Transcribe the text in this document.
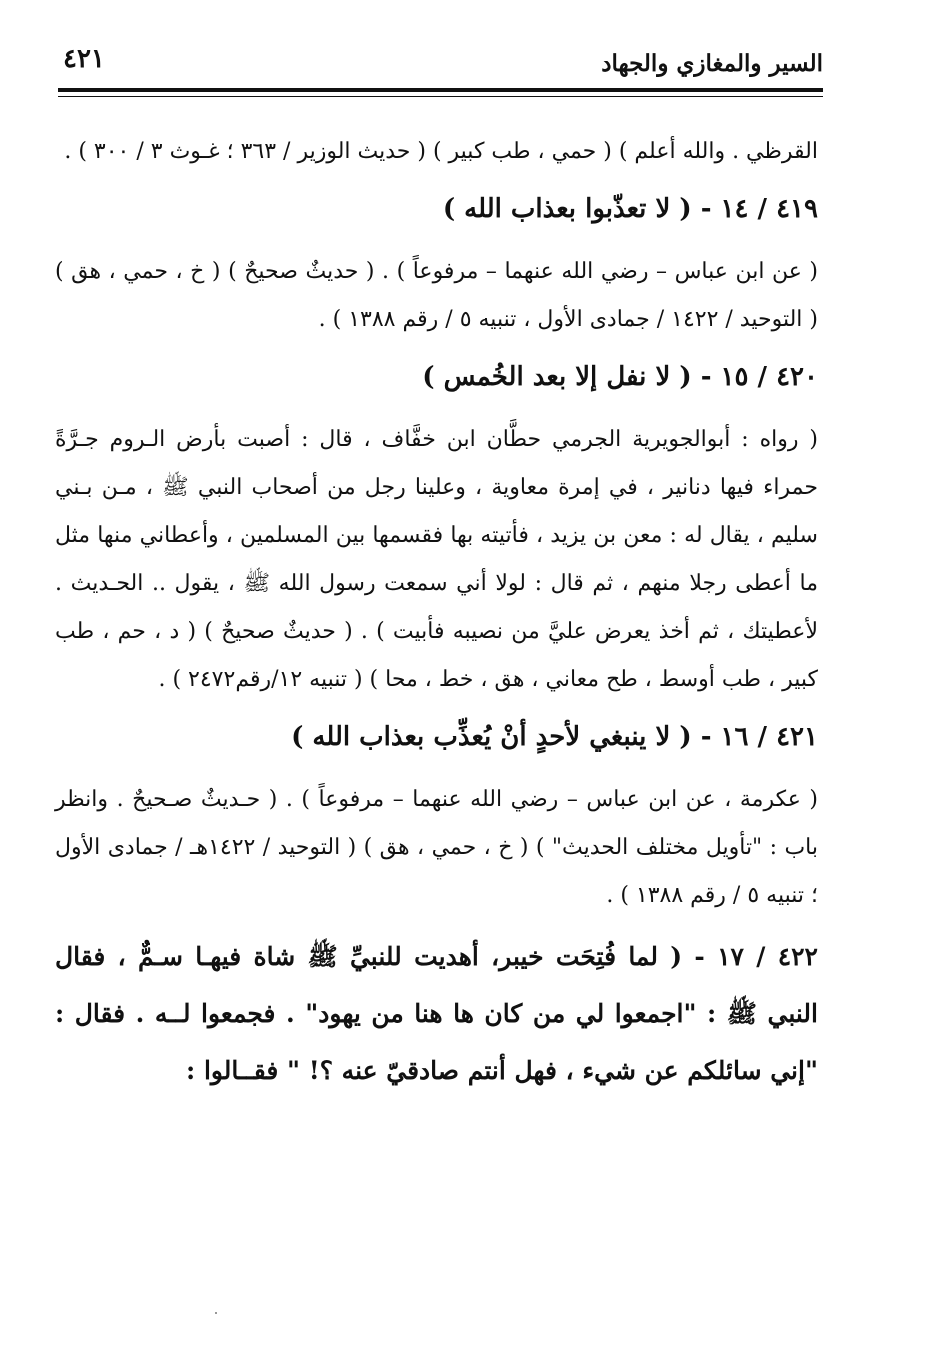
السير والمغازي والجهاد
٤٢١

القرظي . والله أعلم ) ( حمي ، طب كبير ) ( حديث الوزير / ٣٦٣ ؛ غـوث ٣ / ٣٠٠ ) .

٤١٩ / ١٤ - ( لا تعذّبوا بعذاب الله )

( عن ابن عباس – رضي الله عنهما – مرفوعاً ) . ( حديثٌ صحيحٌ ) ( خ ، حمي ، هق ) ( التوحيد / ١٤٢٢ / جمادى الأول ، تنبيه ٥ / رقم ١٣٨٨ ) .

٤٢٠ / ١٥ - ( لا نفل إلا بعد الخُمس )

( رواه : أبوالجويرية الجرمي حطَّان ابن خفَّاف ، قال : أصبت بأرض الـروم جـرَّةً حمراء فيها دنانير ، في إمرة معاوية ، وعلينا رجل من أصحاب النبي ﷺ ، مـن بـني سليم ، يقال له : معن بن يزيد ، فأتيته بها فقسمها بين المسلمين ، وأعطاني منها مثل ما أعطى رجلا منهم ، ثم قال : لولا أني سمعت رسول الله ﷺ ، يقول .. الحـديث . لأعطيتك ، ثم أخذ يعرض عليَّ من نصيبه فأبيت ) . ( حديثٌ صحيحٌ ) ( د ، حم ، طب كبير ، طب أوسط ، طح معاني ، هق ، خط ، محا ) ( تنبيه ١٢/رقم٢٤٧٢ ) .

٤٢١ / ١٦ - ( لا ينبغي لأحدٍ أنْ يُعذِّب بعذاب الله )

( عكرمة ، عن ابن عباس – رضي الله عنهما – مرفوعاً ) . ( حـديثٌ صـحيحٌ . وانظر باب : "تأويل مختلف الحديث" ) ( خ ، حمي ، هق ) ( التوحيد / ١٤٢٢هـ / جمادى الأول ؛ تنبيه ٥ / رقم ١٣٨٨ ) .

٤٢٢ / ١٧ - ( لما فُتِحَت خيبر، أهديت للنبيِّ ﷺ شاة فيهـا سـمٌّ ، فقال النبي ﷺ : "اجمعوا لي من كان ها هنا من يهود" . فجمعوا لــه . فقال : "إني سائلكم عن شيء ، فهل أنتم صادقيّ عنه ؟! " فقــالوا :
